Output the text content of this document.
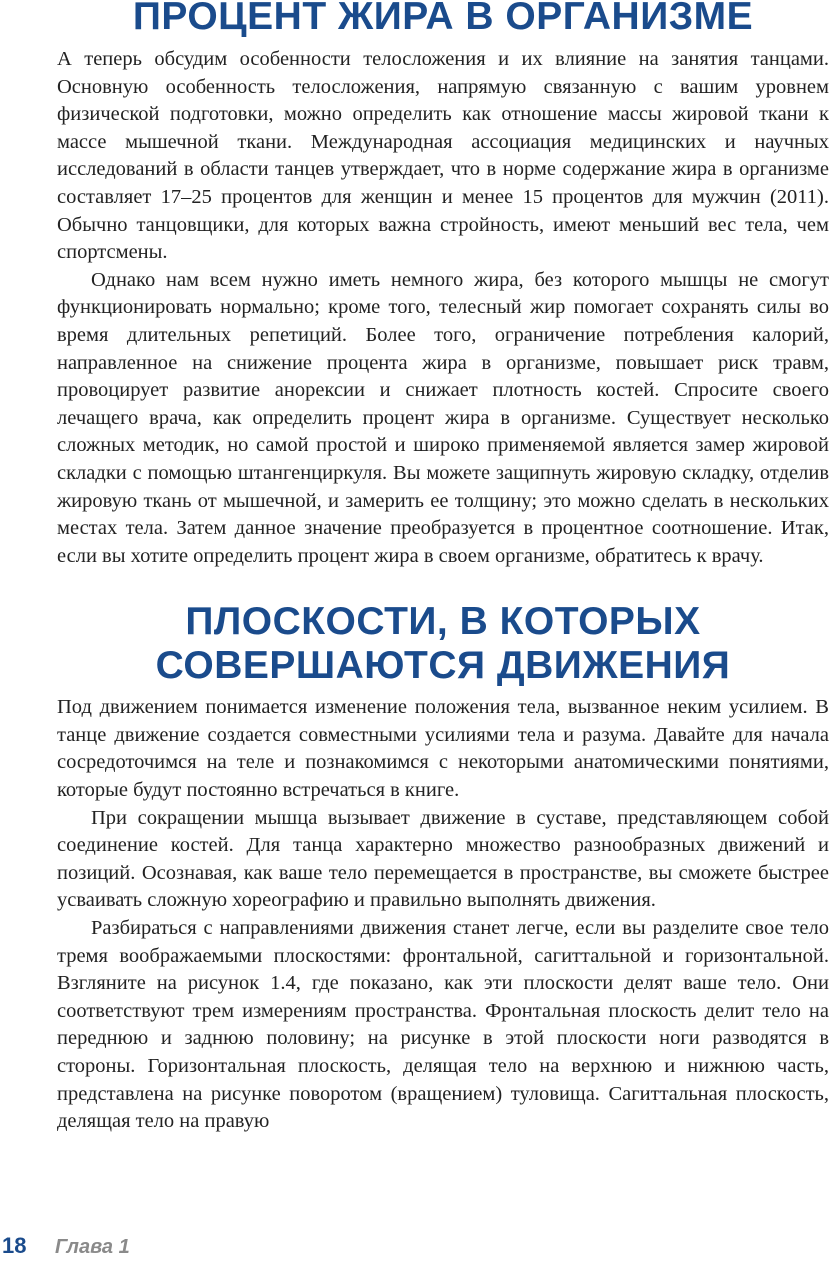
ПРОЦЕНТ ЖИРА В ОРГАНИЗМЕ

А теперь обсудим особенности телосложения и их влияние на занятия танцами. Основную особенность телосложения, напрямую связанную с вашим уровнем физической подготовки, можно определить как отношение массы жировой ткани к массе мышечной ткани. Международная ассоциация медицинских и научных исследований в области танцев утверждает, что в норме содержание жира в организме составляет 17–25 процентов для женщин и менее 15 процентов для мужчин (2011). Обычно танцовщики, для которых важна стройность, имеют меньший вес тела, чем спортсмены.

Однако нам всем нужно иметь немного жира, без которого мышцы не смогут функционировать нормально; кроме того, телесный жир помогает сохранять силы во время длительных репетиций. Более того, ограничение потребления калорий, направленное на снижение процента жира в организме, повышает риск травм, провоцирует развитие анорексии и снижает плотность костей. Спросите своего лечащего врача, как определить процент жира в организме. Существует несколько сложных методик, но самой простой и широко применяемой является замер жировой складки с помощью штангенциркуля. Вы можете защипнуть жировую складку, отделив жировую ткань от мышечной, и замерить ее толщину; это можно сделать в нескольких местах тела. Затем данное значение преобразуется в процентное соотношение. Итак, если вы хотите определить процент жира в своем организме, обратитесь к врачу.

ПЛОСКОСТИ, В КОТОРЫХ
СОВЕРШАЮТСЯ ДВИЖЕНИЯ

Под движением понимается изменение положения тела, вызванное неким усилием. В танце движение создается совместными усилиями тела и разума. Давайте для начала сосредоточимся на теле и познакомимся с некоторыми анатомическими понятиями, которые будут постоянно встречаться в книге.

При сокращении мышца вызывает движение в суставе, представляющем собой соединение костей. Для танца характерно множество разнообразных движений и позиций. Осознавая, как ваше тело перемещается в пространстве, вы сможете быстрее усваивать сложную хореографию и правильно выполнять движения.

Разбираться с направлениями движения станет легче, если вы разделите свое тело тремя воображаемыми плоскостями: фронтальной, сагиттальной и горизонтальной. Взгляните на рисунок 1.4, где показано, как эти плоскости делят ваше тело. Они соответствуют трем измерениям пространства. Фронтальная плоскость делит тело на переднюю и заднюю половину; на рисунке в этой плоскости ноги разводятся в стороны. Горизонтальная плоскость, делящая тело на верхнюю и нижнюю часть, представлена на рисунке поворотом (вращением) туловища. Сагиттальная плоскость, делящая тело на правую

18 Глава 1
